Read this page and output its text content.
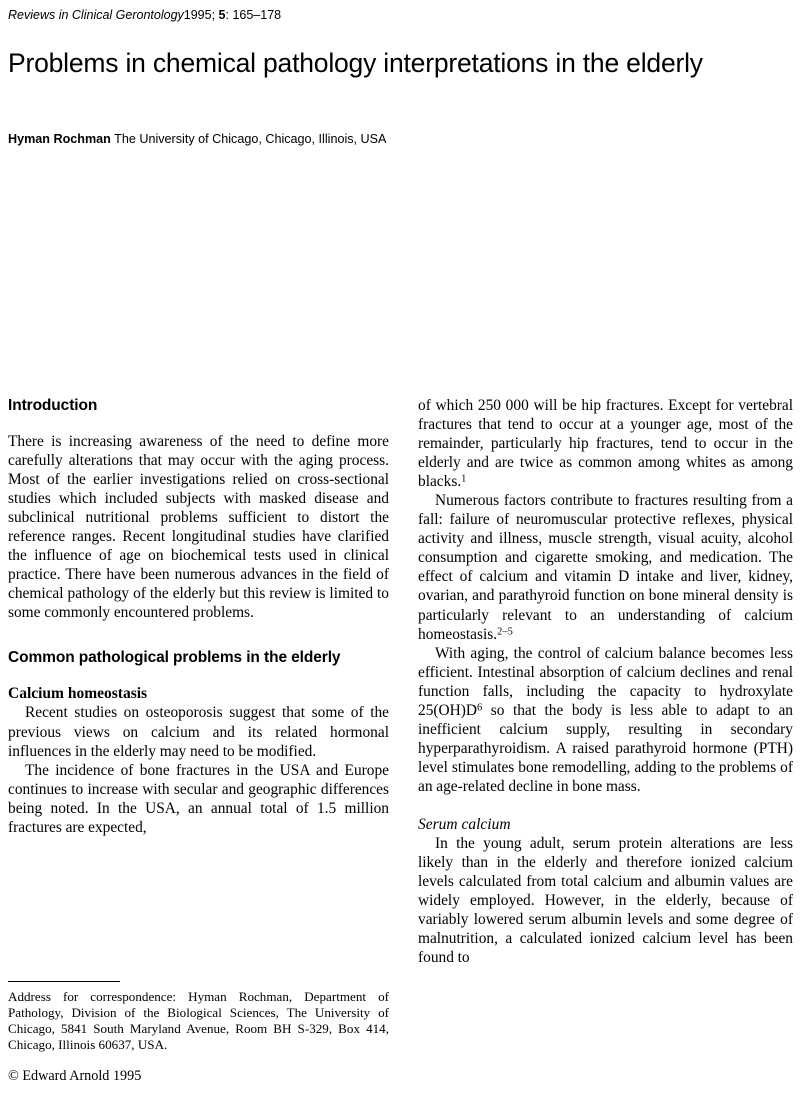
Reviews in Clinical Gerontology1995; 5: 165–178
Problems in chemical pathology interpretations in the elderly
Hyman Rochman The University of Chicago, Chicago, Illinois, USA
Introduction

There is increasing awareness of the need to define more carefully alterations that may occur with the aging process. Most of the earlier investigations relied on cross-sectional studies which included subjects with masked disease and subclinical nutritional problems sufficient to distort the reference ranges. Recent longitudinal studies have clarified the influence of age on biochemical tests used in clinical practice. There have been numerous advances in the field of chemical pathology of the elderly but this review is limited to some commonly encountered problems.

Common pathological problems in the elderly
Calcium homeostasis

Recent studies on osteoporosis suggest that some of the previous views on calcium and its related hormonal influences in the elderly may need to be modified.

The incidence of bone fractures in the USA and Europe continues to increase with secular and geographic differences being noted. In the USA, an annual total of 1.5 million fractures are expected,

of which 250 000 will be hip fractures. Except for vertebral fractures that tend to occur at a younger age, most of the remainder, particularly hip fractures, tend to occur in the elderly and are twice as common among whites as among blacks.$^1$

Numerous factors contribute to fractures resulting from a fall: failure of neuromuscular protective reflexes, physical activity and illness, muscle strength, visual acuity, alcohol consumption and cigarette smoking, and medication. The effect of calcium and vitamin D intake and liver, kidney, ovarian, and parathyroid function on bone mineral density is particularly relevant to an understanding of calcium homeostasis.$^{2-5}$

With aging, the control of calcium balance becomes less efficient. Intestinal absorption of calcium declines and renal function falls, including the capacity to hydroxylate $25(OH)D^6$ so that the body is less able to adapt to an inefficient calcium supply, resulting in secondary hyperparathyroidism. A raised parathyroid hormone (PTH) level stimulates bone remodelling, adding to the problems of an age-related decline in bone mass.

Serum calcium

In the young adult, serum protein alterations are less likely than in the elderly and therefore ionized calcium levels calculated from total calcium and albumin values are widely employed. However, in the elderly, because of variably lowered serum albumin levels and some degree of malnutrition, a calculated ionized calcium level has been found to

Address for correspondence: Hyman Rochman, Department of Pathology, Division of the Biological Sciences, The University of Chicago, 5841 South Maryland Avenue, Room BH S-329, Box 414, Chicago, Illinois 60637, USA.

© Edward Arnold 1995
